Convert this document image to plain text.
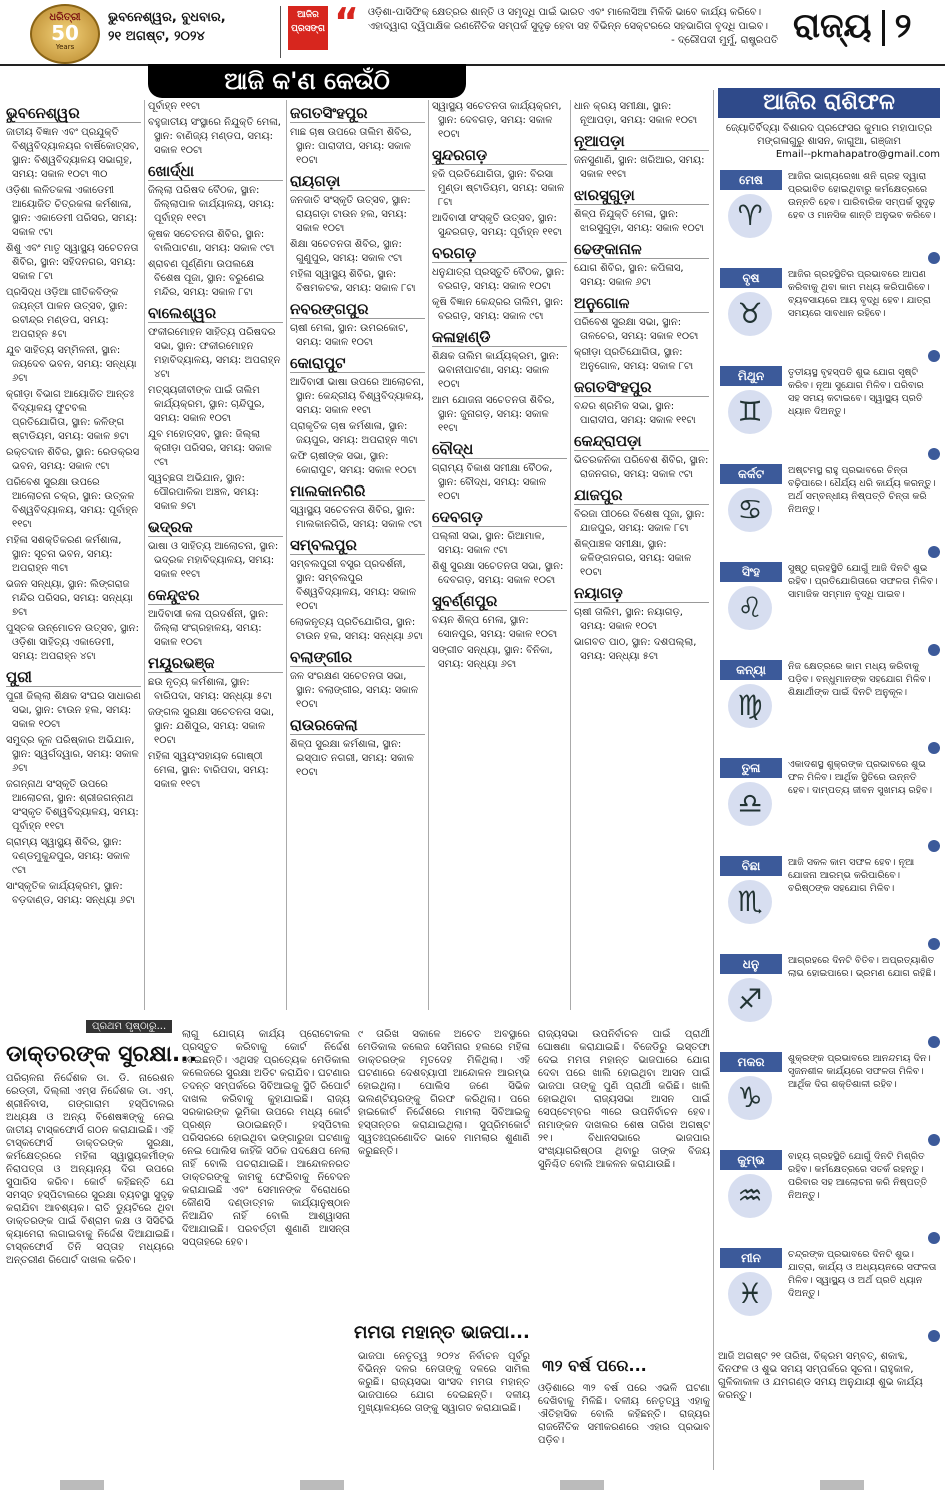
ଧରିତ୍ରୀ
50
Years
ଭୁବନେଶ୍ୱର, ବୁଧବାର,
୨୧ ଅଗଷ୍ଟ, ୨୦୨୪
ଆଜିର ପ୍ରସଙ୍ଗ “ ଓଡ଼ିଶା-ପାସିଫିକ୍ କ୍ଷେତ୍ରର ଶାନ୍ତି ଓ ସମୃଦ୍ଧି ପାଇଁ ଭାରତ ଏବଂ ମାଲେସିଆ ମିଳିକି ଭାବେ କାର୍ଯ୍ୟ କରିବେ। ଏହାଦ୍ୱାରା ଦ୍ୱିପାକ୍ଷିକ ରଣନୈତିକ ସମ୍ପର୍କ ସୁଦୃଢ଼ ହେବା ସହ ବିଭିନ୍ନ ସେକ୍ଟରରେ ସହଭାଗିତା ବୃଦ୍ଧି ପାଇବ।
- ଦ୍ରୌପଦୀ ମୁର୍ମୁ, ରାଷ୍ଟ୍ରପତି ରାଜ୍ୟ ୨
ଆଜି କ'ଣ କେଉଁଠି
ଭୁବନେଶ୍ୱର

ଜାତୀୟ ବିଜ୍ଞାନ ଏବଂ ପ୍ରଯୁକ୍ତି ବିଶ୍ୱବିଦ୍ୟାଳୟର ବାର୍ଷିକୋତ୍ସବ, ସ୍ଥାନ: ବିଶ୍ୱବିଦ୍ୟାଳୟ ସଭାଗୃହ, ସମୟ: ସକାଳ ୧୦ଟା ୩୦

ଓଡ଼ିଶା ଲଳିତକଳା ଏକାଡେମୀ ଆୟୋଜିତ ଚିତ୍ରକଳା କର୍ମଶାଳା, ସ୍ଥାନ: ଏକାଡେମୀ ପରିସର, ସମୟ: ସକାଳ ୯ଟା

ଶିଶୁ ଏବଂ ମାତୃ ସ୍ୱାସ୍ଥ୍ୟ ସଚେତନତା ଶିବିର, ସ୍ଥାନ: ସହିଦନଗର, ସମୟ: ସକାଳ ୮ଟା

ପ୍ରସିଦ୍ଧ ଓଡ଼ିଆ ଗୀତିକବିଙ୍କ ଜୟନ୍ତୀ ପାଳନ ଉତ୍ସବ, ସ୍ଥାନ: ରବୀନ୍ଦ୍ର ମଣ୍ଡପ, ସମୟ: ଅପରାହ୍ନ ୫ଟା

ଯୁବ ସାହିତ୍ୟ ସମ୍ମିଳନୀ, ସ୍ଥାନ: ଜୟଦେବ ଭବନ, ସମୟ: ସନ୍ଧ୍ୟା ୬ଟା

କ୍ରୀଡ଼ା ବିଭାଗ ଆୟୋଜିତ ଆନ୍ତଃ ବିଦ୍ୟାଳୟ ଫୁଟବଲ ପ୍ରତିଯୋଗିତା, ସ୍ଥାନ: କଳିଙ୍ଗ ଷ୍ଟାଡିୟମ, ସମୟ: ସକାଳ ୭ଟା

ରକ୍ତଦାନ ଶିବିର, ସ୍ଥାନ: ରେଡକ୍ରସ ଭବନ, ସମୟ: ସକାଳ ୯ଟା

ପରିବେଶ ସୁରକ୍ଷା ଉପରେ ଆଲୋଚନା ଚକ୍ର, ସ୍ଥାନ: ଉତ୍କଳ ବିଶ୍ୱବିଦ୍ୟାଳୟ, ସମୟ: ପୂର୍ବାହ୍ନ ୧୧ଟା

ମହିଳା ସଶକ୍ତିକରଣ କର୍ମଶାଳା, ସ୍ଥାନ: ସୂଚନା ଭବନ, ସମୟ: ଅପରାହ୍ନ ୩ଟା

ଭଜନ ସନ୍ଧ୍ୟା, ସ୍ଥାନ: ଲିଙ୍ଗରାଜ ମନ୍ଦିର ପରିସର, ସମୟ: ସନ୍ଧ୍ୟା ୭ଟା

ପୁସ୍ତକ ଉନ୍ମୋଚନ ଉତ୍ସବ, ସ୍ଥାନ: ଓଡ଼ିଶା ସାହିତ୍ୟ ଏକାଡେମୀ, ସମୟ: ଅପରାହ୍ନ ୪ଟା

ପୁରୀ

ପୁରୀ ଜିଲ୍ଲା ଶିକ୍ଷକ ସଂଘର ସାଧାରଣ ସଭା, ସ୍ଥାନ: ଟାଉନ ହଲ, ସମୟ: ସକାଳ ୧୦ଟା

ସମୁଦ୍ର କୂଳ ପରିଷ୍କାର ଅଭିଯାନ, ସ୍ଥାନ: ସ୍ୱର୍ଗଦ୍ୱାର, ସମୟ: ସକାଳ ୬ଟା

ଜଗନ୍ନାଥ ସଂସ୍କୃତି ଉପରେ ଆଲୋଚନା, ସ୍ଥାନ: ଶ୍ରୀଜଗନ୍ନାଥ ସଂସ୍କୃତ ବିଶ୍ୱବିଦ୍ୟାଳୟ, ସମୟ: ପୂର୍ବାହ୍ନ ୧୧ଟା

ଗ୍ରାମ୍ୟ ସ୍ୱାସ୍ଥ୍ୟ ଶିବିର, ସ୍ଥାନ: ଦଣ୍ଡମୁକୁନ୍ଦପୁର, ସମୟ: ସକାଳ ୯ଟା

ସାଂସ୍କୃତିକ କାର୍ଯ୍ୟକ୍ରମ, ସ୍ଥାନ: ବଡ଼ଦାଣ୍ଡ, ସମୟ: ସନ୍ଧ୍ୟା ୬ଟା

ପୂର୍ବାହ୍ନ ୧୧ଟା

ବହୁଜାତୀୟ ସଂସ୍ଥାରେ ନିଯୁକ୍ତି ମେଳା, ସ୍ଥାନ: ବାଣିଜ୍ୟ ମଣ୍ଡପ, ସମୟ: ସକାଳ ୧୦ଟା

ଖୋର୍ଦ୍ଧା

ଜିଲ୍ଲା ପରିଷଦ ବୈଠକ, ସ୍ଥାନ: ଜିଲ୍ଲାପାଳ କାର୍ଯ୍ୟାଳୟ, ସମୟ: ପୂର୍ବାହ୍ନ ୧୧ଟା

କୃଷକ ସଚେତନତା ଶିବିର, ସ୍ଥାନ: ବାଲିପାଟଣା, ସମୟ: ସକାଳ ୯ଟା

ଶ୍ରାବଣ ପୂର୍ଣ୍ଣିମା ଉପଲକ୍ଷେ ବିଶେଷ ପୂଜା, ସ୍ଥାନ: ବରୁଣେଇ ମନ୍ଦିର, ସମୟ: ସକାଳ ୮ଟା

ବାଲେଶ୍ୱର

ଫକୀରମୋହନ ସାହିତ୍ୟ ପରିଷଦର ସଭା, ସ୍ଥାନ: ଫକୀରମୋହନ ମହାବିଦ୍ୟାଳୟ, ସମୟ: ଅପରାହ୍ନ ୪ଟା

ମତ୍ସ୍ୟଜୀବୀଙ୍କ ପାଇଁ ତାଲିମ କାର୍ଯ୍ୟକ୍ରମ, ସ୍ଥାନ: ଚାନ୍ଦିପୁର, ସମୟ: ସକାଳ ୧୦ଟା

ଯୁବ ମହୋତ୍ସବ, ସ୍ଥାନ: ଜିଲ୍ଲା କ୍ରୀଡ଼ା ପରିସର, ସମୟ: ସକାଳ ୯ଟା

ସ୍ୱଚ୍ଛତା ଅଭିଯାନ, ସ୍ଥାନ: ପୌରପାଳିକା ଅଞ୍ଚଳ, ସମୟ: ସକାଳ ୭ଟା

ଭଦ୍ରକ

ଭାଷା ଓ ସାହିତ୍ୟ ଆଲୋଚନା, ସ୍ଥାନ: ଭଦ୍ରକ ମହାବିଦ୍ୟାଳୟ, ସମୟ: ସକାଳ ୧୧ଟା

କେନ୍ଦୁଝର

ଆଦିବାସୀ କଳା ପ୍ରଦର୍ଶନୀ, ସ୍ଥାନ: ଜିଲ୍ଲା ସଂଗ୍ରହାଳୟ, ସମୟ: ସକାଳ ୧୦ଟା

ମୟୂରଭଞ୍ଜ

ଛଉ ନୃତ୍ୟ କର୍ମଶାଳା, ସ୍ଥାନ: ବାରିପଦା, ସମୟ: ସନ୍ଧ୍ୟା ୫ଟା

ଜଙ୍ଗଲ ସୁରକ୍ଷା ସଚେତନତା ସଭା, ସ୍ଥାନ: ଯଶିପୁର, ସମୟ: ସକାଳ ୧୦ଟା

ମହିଳା ସ୍ୱୟଂସହାୟକ ଗୋଷ୍ଠୀ ମେଳା, ସ୍ଥାନ: ବାରିପଦା, ସମୟ: ସକାଳ ୧୧ଟା

ଜଗତସିଂହପୁର

ମାଛ ଚାଷ ଉପରେ ତାଲିମ ଶିବିର, ସ୍ଥାନ: ପାରାଦୀପ, ସମୟ: ସକାଳ ୧୦ଟା

ରାୟଗଡ଼ା

ଜନଜାତି ସଂସ୍କୃତି ଉତ୍ସବ, ସ୍ଥାନ: ରାୟଗଡ଼ା ଟାଉନ ହଲ, ସମୟ: ସକାଳ ୧୦ଟା

ଶିକ୍ଷା ସଚେତନତା ଶିବିର, ସ୍ଥାନ: ଗୁଣୁପୁର, ସମୟ: ସକାଳ ୯ଟା

ମହିଳା ସ୍ୱାସ୍ଥ୍ୟ ଶିବିର, ସ୍ଥାନ: ବିଷମକଟକ, ସମୟ: ସକାଳ ୮ଟା

ନବରଙ୍ଗପୁର

ଚାଷୀ ମେଳା, ସ୍ଥାନ: ଉମରକୋଟ, ସମୟ: ସକାଳ ୧୦ଟା

କୋରାପୁଟ

ଆଦିବାସୀ ଭାଷା ଉପରେ ଆଲୋଚନା, ସ୍ଥାନ: କେନ୍ଦ୍ରୀୟ ବିଶ୍ୱବିଦ୍ୟାଳୟ, ସମୟ: ସକାଳ ୧୧ଟା

ପ୍ରାକୃତିକ ଚାଷ କର୍ମଶାଳା, ସ୍ଥାନ: ଜୟପୁର, ସମୟ: ଅପରାହ୍ନ ୩ଟା

କଫି ଚାଷୀଙ୍କ ସଭା, ସ୍ଥାନ: କୋରାପୁଟ, ସମୟ: ସକାଳ ୧୦ଟା

ମାଲକାନଗିରି

ସ୍ୱାସ୍ଥ୍ୟ ସଚେତନତା ଶିବିର, ସ୍ଥାନ: ମାଲକାନଗିରି, ସମୟ: ସକାଳ ୯ଟା

ସମ୍ବଲପୁର

ସମ୍ବଲପୁରୀ ବସ୍ତ୍ର ପ୍ରଦର୍ଶନୀ, ସ୍ଥାନ: ସମ୍ବଲପୁର ବିଶ୍ୱବିଦ୍ୟାଳୟ, ସମୟ: ସକାଳ ୧୦ଟା

ଲୋକନୃତ୍ୟ ପ୍ରତିଯୋଗିତା, ସ୍ଥାନ: ଟାଉନ ହଲ, ସମୟ: ସନ୍ଧ୍ୟା ୬ଟା

ବଲାଙ୍ଗୀର

ଜଳ ସଂରକ୍ଷଣ ସଚେତନତା ସଭା, ସ୍ଥାନ: ବଲାଙ୍ଗୀର, ସମୟ: ସକାଳ ୧୦ଟା

ରାଉରକେଲା

ଶିଳ୍ପ ସୁରକ୍ଷା କର୍ମଶାଳା, ସ୍ଥାନ: ଇସ୍ପାତ ନଗରୀ, ସମୟ: ସକାଳ ୧୦ଟା

ସ୍ୱାସ୍ଥ୍ୟ ସଚେତନତା କାର୍ଯ୍ୟକ୍ରମ, ସ୍ଥାନ: ଦେବଗଡ଼, ସମୟ: ସକାଳ ୧୦ଟା

ସୁନ୍ଦରଗଡ଼

ହକି ପ୍ରତିଯୋଗିତା, ସ୍ଥାନ: ବିରସା ମୁଣ୍ଡା ଷ୍ଟାଡିୟମ, ସମୟ: ସକାଳ ୮ଟା

ଆଦିବାସୀ ସଂସ୍କୃତି ଉତ୍ସବ, ସ୍ଥାନ: ସୁନ୍ଦରଗଡ଼, ସମୟ: ପୂର୍ବାହ୍ନ ୧୧ଟା

ବରଗଡ଼

ଧନୁଯାତ୍ରା ପ୍ରସ୍ତୁତି ବୈଠକ, ସ୍ଥାନ: ବରଗଡ଼, ସମୟ: ସକାଳ ୧୦ଟା

କୃଷି ବିଜ୍ଞାନ କେନ୍ଦ୍ରର ତାଲିମ, ସ୍ଥାନ: ବରଗଡ଼, ସମୟ: ସକାଳ ୯ଟା

କଳାହାଣ୍ଡି

ଶିକ୍ଷକ ତାଲିମ କାର୍ଯ୍ୟକ୍ରମ, ସ୍ଥାନ: ଭବାନୀପାଟଣା, ସମୟ: ସକାଳ ୧୦ଟା

ଆମ ଯୋଜନା ସଚେତନତା ଶିବିର, ସ୍ଥାନ: ଜୁନାଗଡ଼, ସମୟ: ସକାଳ ୧୧ଟା

ବୌଦ୍ଧ

ଗ୍ରାମ୍ୟ ବିକାଶ ସମୀକ୍ଷା ବୈଠକ, ସ୍ଥାନ: ବୌଦ୍ଧ, ସମୟ: ସକାଳ ୧୦ଟା

ଦେବଗଡ଼

ପଲ୍ଲୀ ସଭା, ସ୍ଥାନ: ରିଆମାଳ, ସମୟ: ସକାଳ ୯ଟା

ଶିଶୁ ସୁରକ୍ଷା ସଚେତନତା ସଭା, ସ୍ଥାନ: ଦେବଗଡ଼, ସମୟ: ସକାଳ ୧୦ଟା

ସୁବର୍ଣ୍ଣପୁର

ବୟନ ଶିଳ୍ପ ମେଳା, ସ୍ଥାନ: ସୋନପୁର, ସମୟ: ସକାଳ ୧୦ଟା

ସଙ୍ଗୀତ ସନ୍ଧ୍ୟା, ସ୍ଥାନ: ବିନିକା, ସମୟ: ସନ୍ଧ୍ୟା ୬ଟା

ଧାନ କ୍ରୟ ସମୀକ୍ଷା, ସ୍ଥାନ: ନୂଆପଡ଼ା, ସମୟ: ସକାଳ ୧୦ଟା

ନୂଆପଡ଼ା

ଜନସୁଣାଣି, ସ୍ଥାନ: ଖରିଆର, ସମୟ: ସକାଳ ୧୧ଟା

ଝାରସୁଗୁଡ଼ା

ଶିଳ୍ପ ନିଯୁକ୍ତି ମେଳା, ସ୍ଥାନ: ଝାରସୁଗୁଡ଼ା, ସମୟ: ସକାଳ ୧୦ଟା

ଢେଙ୍କାନାଳ

ଯୋଗ ଶିବିର, ସ୍ଥାନ: କପିଳାସ, ସମୟ: ସକାଳ ୬ଟା

ଅନୁଗୋଳ

ପରିବେଶ ସୁରକ୍ଷା ସଭା, ସ୍ଥାନ: ତାଳଚେର, ସମୟ: ସକାଳ ୧୦ଟା

କ୍ରୀଡ଼ା ପ୍ରତିଯୋଗିତା, ସ୍ଥାନ: ଅନୁଗୋଳ, ସମୟ: ସକାଳ ୮ଟା

ଜଗତସିଂହପୁର

ବନ୍ଦର ଶ୍ରମିକ ସଭା, ସ୍ଥାନ: ପାରାଦୀପ, ସମୟ: ସକାଳ ୧୧ଟା

କେନ୍ଦ୍ରାପଡ଼ା

ଭିତରକନିକା ପରିବେଶ ଶିବିର, ସ୍ଥାନ: ରାଜନଗର, ସମୟ: ସକାଳ ୯ଟା

ଯାଜପୁର

ବିରଜା ପୀଠରେ ବିଶେଷ ପୂଜା, ସ୍ଥାନ: ଯାଜପୁର, ସମୟ: ସକାଳ ୮ଟା

ଶିଳ୍ପାଞ୍ଚଳ ସମୀକ୍ଷା, ସ୍ଥାନ: କଳିଙ୍ଗନଗର, ସମୟ: ସକାଳ ୧୦ଟା

ନୟାଗଡ଼

ଚାଷୀ ତାଲିମ, ସ୍ଥାନ: ନୟାଗଡ଼, ସମୟ: ସକାଳ ୧୦ଟା

ଭାଗବତ ପାଠ, ସ୍ଥାନ: ଦଶପଲ୍ଲା, ସମୟ: ସନ୍ଧ୍ୟା ୫ଟା

ଆଜିର ରାଶିଫଳ
ଜ୍ୟୋତିର୍ବିଦ୍ୟା ବିଶାରଦ ପ୍ରଫେସର କୁମାର ମହାପାତ୍ର
ମଙ୍ଗଳାଗୁରୁ ଶାସନ, କାଗୁଆ, ଗଞ୍ଜାମ
Email--pkmahapatro@gmail.com
ମେଷ
♈
ଆଜିର ଭାଗ୍ୟରେଖା ଶନି ଗ୍ରହ ଦ୍ୱାରା ପ୍ରଭାବିତ ହୋଇଥିବାରୁ କର୍ମକ୍ଷେତ୍ରରେ ଉନ୍ନତି ହେବ। ପାରିବାରିକ ସମ୍ପର୍କ ସୁଦୃଢ଼ ହେବ ଓ ମାନସିକ ଶାନ୍ତି ଅନୁଭବ କରିବେ।
ବୃଷ
♉
ଆଜିର ଗ୍ରହସ୍ଥିତିର ପ୍ରଭାବରେ ଆପଣ କରିବାକୁ ଥିବା କାମ ମଧ୍ୟ କରିପାରିବେ। ବ୍ୟବସାୟରେ ଆୟ ବୃଦ୍ଧି ହେବ। ଯାତ୍ରା ସମୟରେ ସାବଧାନ ରହିବେ।
ମିଥୁନ
♊
ତୃତୀୟସ୍ଥ ବୃହସ୍ପତି ଶୁଭ ଯୋଗ ସୃଷ୍ଟି କରିବ। ନୂଆ ସୁଯୋଗ ମିଳିବ। ପରିବାର ସହ ସମୟ କଟାଇବେ। ସ୍ୱାସ୍ଥ୍ୟ ପ୍ରତି ଧ୍ୟାନ ଦିଅନ୍ତୁ।
କର୍କଟ
♋
ଅଷ୍ଟମସ୍ଥ ରାହୁ ପ୍ରଭାବରେ ଚିନ୍ତା ବଢ଼ିପାରେ। ଧୈର୍ଯ୍ୟ ଧରି କାର୍ଯ୍ୟ କରନ୍ତୁ। ଅର୍ଥ ସମ୍ବନ୍ଧୀୟ ନିଷ୍ପତ୍ତି ଚିନ୍ତା କରି ନିଅନ୍ତୁ।
ସିଂହ
♌
ସୁଷ୍ଠୁ ଗ୍ରହସ୍ଥିତି ଯୋଗୁଁ ଆଜି ଦିନଟି ଶୁଭ ରହିବ। ପ୍ରତିଯୋଗିତାରେ ସଫଳତା ମିଳିବ। ସାମାଜିକ ସମ୍ମାନ ବୃଦ୍ଧି ପାଇବ।
କନ୍ୟା
♍
ନିଜ କ୍ଷେତ୍ରରେ କାମ ମଧ୍ୟ କରିବାକୁ ପଡ଼ିବ। ବନ୍ଧୁମାନଙ୍କ ସହଯୋଗ ମିଳିବ। ଶିକ୍ଷାର୍ଥୀଙ୍କ ପାଇଁ ଦିନଟି ଅନୁକୂଳ।
ତୁଳା
♎
ଏକାଦଶସ୍ଥ ଶୁକ୍ରଙ୍କ ପ୍ରଭାବରେ ଶୁଭ ଫଳ ମିଳିବ। ଆର୍ଥିକ ସ୍ଥିତିରେ ଉନ୍ନତି ହେବ। ଦାମ୍ପତ୍ୟ ଜୀବନ ସୁଖମୟ ରହିବ।
ବିଛା
♏
ଆଜି ସକଳ କାମ ସଫଳ ହେବ। ନୂଆ ଯୋଜନା ଆରମ୍ଭ କରିପାରିବେ। ବରିଷ୍ଠଙ୍କ ସହଯୋଗ ମିଳିବ।
ଧନୁ
♐
ଆଗ୍ରହରେ ଦିନଟି ବିତିବ। ଅପ୍ରତ୍ୟାଶିତ ଲାଭ ହୋଇପାରେ। ଭ୍ରମଣ ଯୋଗ ରହିଛି।
ମକର
♑
ଶୁକ୍ରଙ୍କ ପ୍ରଭାବରେ ଆନନ୍ଦମୟ ଦିନ। ସୃଜନଶୀଳ କାର୍ଯ୍ୟରେ ସଫଳତା ମିଳିବ। ଆର୍ଥିକ ଦିଗ ଶକ୍ତିଶାଳୀ ରହିବ।
କୁମ୍ଭ
♒
ବାହ୍ୟ ଗ୍ରହସ୍ଥିତି ଯୋଗୁଁ ଦିନଟି ମିଶ୍ରିତ ରହିବ। କର୍ମକ୍ଷେତ୍ରରେ ସତର୍କ ରହନ୍ତୁ। ପରିବାର ସହ ଆଲୋଚନା କରି ନିଷ୍ପତ୍ତି ନିଅନ୍ତୁ।
ମୀନ
♓
ଚନ୍ଦ୍ରଙ୍କ ପ୍ରଭାବରେ ଦିନଟି ଶୁଭ। ଯାତ୍ରା, କାର୍ଯ୍ୟ ଓ ଅଧ୍ୟୟନରେ ସଫଳତା ମିଳିବ। ସ୍ୱାସ୍ଥ୍ୟ ଓ ଅର୍ଥ ପ୍ରତି ଧ୍ୟାନ ଦିଅନ୍ତୁ।
ଆଜି ଅଗଷ୍ଟ ୨୧ ତାରିଖ, ବିକ୍ରମ ସମ୍ବତ୍, ଶକାବ୍ଦ, ଦିନଫଳ ଓ ଶୁଭ ସମୟ ସମ୍ପର୍କରେ ସୂଚନା। ରାହୁକାଳ, ଗୁଳିକାକାଳ ଓ ଯମଗଣ୍ଡ ସମୟ ଅନୁଯାୟୀ ଶୁଭ କାର୍ଯ୍ୟ କରନ୍ତୁ।
ପ୍ରଥମ ପୃଷ୍ଠାରୁ...
ଡାକ୍ତରଙ୍କ ସୁରକ୍ଷା...
ପରିଚାଳନା ନିର୍ଦ୍ଦେଶକ ଡା. ଡି. ନାରେଶନ ରେଡ୍ଡୀ, ଦିଲ୍ଲୀ ଏମ୍ସ ନିର୍ଦ୍ଦେଶକ ଡା. ଏମ୍. ଶ୍ରୀନିବାସ, ଗଙ୍ଗାରାମ ହସ୍ପିଟାଲର ଅଧ୍ୟକ୍ଷ ଓ ଅନ୍ୟ ବିଶେଷଜ୍ଞଙ୍କୁ ନେଇ ଜାତୀୟ ଟାସ୍କଫୋର୍ସ ଗଠନ କରାଯାଇଛି। ଏହି ଟାସ୍କଫୋର୍ସ ଡାକ୍ତରଙ୍କ ସୁରକ୍ଷା, କର୍ମକ୍ଷେତ୍ରରେ ମହିଳା ସ୍ୱାସ୍ଥ୍ୟକର୍ମୀଙ୍କ ନିରାପତ୍ତା ଓ ଅନ୍ୟାନ୍ୟ ଦିଗ ଉପରେ ସୁପାରିସ କରିବ। କୋର୍ଟ କହିଛନ୍ତି ଯେ ସମସ୍ତ ହସ୍ପିଟାଲରେ ସୁରକ୍ଷା ବ୍ୟବସ୍ଥା ସୁଦୃଢ଼ କରାଯିବା ଆବଶ୍ୟକ। ରାତି ଡ୍ୟୁଟିରେ ଥିବା ଡାକ୍ତରଙ୍କ ପାଇଁ ବିଶ୍ରାମ କକ୍ଷ ଓ ସିସିଟିଭି କ୍ୟାମେରା ଲଗାଇବାକୁ ନିର୍ଦ୍ଦେଶ ଦିଆଯାଇଛି। ଟାସ୍କଫୋର୍ସ ତିନି ସପ୍ତାହ ମଧ୍ୟରେ ଅନ୍ତରୀଣ ରିପୋର୍ଟ ଦାଖଲ କରିବ।
ଲାଗୁ ଯୋଗ୍ୟ କାର୍ଯ୍ୟ ପ୍ରୋଟୋକଲ ପ୍ରସ୍ତୁତ କରିବାକୁ କୋର୍ଟ ନିର୍ଦ୍ଦେଶ ଦେଇଛନ୍ତି। ଏଥିସହ ପ୍ରତ୍ୟେକ ମେଡିକାଲ କଲେଜରେ ସୁରକ୍ଷା ଅଡିଟ କରାଯିବ। ଘଟଣାର ତଦନ୍ତ ସମ୍ପର୍କରେ ସିବିଆଇକୁ ସ୍ଥିତି ରିପୋର୍ଟ ଦାଖଲ କରିବାକୁ କୁହାଯାଇଛି। ରାଜ୍ୟ ସରକାରଙ୍କ ଭୂମିକା ଉପରେ ମଧ୍ୟ କୋର୍ଟ ପ୍ରଶ୍ନ ଉଠାଇଛନ୍ତି। ହସ୍ପିଟାଲ ପରିସରରେ ହୋଇଥିବା ଭଙ୍ଗାରୁଜା ଘଟଣାକୁ ନେଇ ପୋଲିସ କାହିଁକି ସଠିକ ପଦକ୍ଷେପ ନେଲା ନାହିଁ ବୋଲି ପଚରାଯାଇଛି। ଆନ୍ଦୋଳନରତ ଡାକ୍ତରଙ୍କୁ କାମକୁ ଫେରିବାକୁ ନିବେଦନ କରାଯାଇଛି ଏବଂ ସେମାନଙ୍କ ବିରୋଧରେ କୌଣସି ଦଣ୍ଡାତ୍ମକ କାର୍ଯ୍ୟାନୁଷ୍ଠାନ ନିଆଯିବ ନାହିଁ ବୋଲି ଆଶ୍ୱାସନା ଦିଆଯାଇଛି। ପରବର୍ତ୍ତୀ ଶୁଣାଣି ଆସନ୍ତା ସପ୍ତାହରେ ହେବ।
୯ ତାରିଖ ସକାଳେ ଅଚେତ ଅବସ୍ଥାରେ ମେଡିକାଲ କଲେଜ ସେମିନାର ହଲରେ ମହିଳା ଡାକ୍ତରଙ୍କ ମୃତଦେହ ମିଳିଥିଲା। ଏହି ଘଟଣାରେ ଦେଶବ୍ୟାପୀ ଆନ୍ଦୋଳନ ଆରମ୍ଭ ହୋଇଥିଲା। ପୋଲିସ ଜଣେ ସିଭିକ ଭଲଣ୍ଟିୟରଙ୍କୁ ଗିରଫ କରିଥିଲା। ପରେ ହାଇକୋର୍ଟ ନିର୍ଦ୍ଦେଶରେ ମାମଲା ସିବିଆଇକୁ ହସ୍ତାନ୍ତର କରାଯାଇଥିଲା। ସୁପ୍ରିମକୋର୍ଟ ସ୍ୱତଃପ୍ରଣୋଦିତ ଭାବେ ମାମଲାର ଶୁଣାଣି କରୁଛନ୍ତି।
ମମତା ମହାନ୍ତ ଭାଜପା...
ଭାଜପା ନେତୃତ୍ୱ ୨୦୨୪ ନିର୍ବାଚନ ପୂର୍ବରୁ ବିଭିନ୍ନ ଦଳର ନେତାଙ୍କୁ ଦଳରେ ସାମିଲ କରୁଛି। ରାଜ୍ୟସଭା ସାଂସଦ ମମତା ମହାନ୍ତ ଭାଜପାରେ ଯୋଗ ଦେଇଛନ୍ତି। ଦଳୀୟ ମୁଖ୍ୟାଳୟରେ ତାଙ୍କୁ ସ୍ୱାଗତ କରାଯାଇଛି।
ରାଜ୍ୟସଭା ଉପନିର୍ବାଚନ ପାଇଁ ପ୍ରାର୍ଥୀ ଘୋଷଣା କରାଯାଇଛି। ବିଜେଡିରୁ ଇସ୍ତଫା ଦେଇ ମମତା ମହାନ୍ତ ଭାଜପାରେ ଯୋଗ ଦେବା ପରେ ଖାଲି ହୋଇଥିବା ଆସନ ପାଇଁ ଭାଜପା ତାଙ୍କୁ ପୁଣି ପ୍ରାର୍ଥୀ କରିଛି। ଖାଲି ହୋଇଥିବା ରାଜ୍ୟସଭା ଆସନ ପାଇଁ ସେପ୍ଟେମ୍ବର ୩ରେ ଉପନିର୍ବାଚନ ହେବ। ନାମାଙ୍କନ ଦାଖଲର ଶେଷ ତାରିଖ ଅଗଷ୍ଟ ୨୧। ବିଧାନସଭାରେ ଭାଜପାର ସଂଖ୍ୟାଗରିଷ୍ଠତା ଥିବାରୁ ତାଙ୍କ ବିଜୟ ସୁନିଶ୍ଚିତ ବୋଲି ଆକଳନ କରାଯାଉଛି।
୩୨ ବର୍ଷ ପରେ...
ଓଡ଼ିଶାରେ ୩୨ ବର୍ଷ ପରେ ଏଭଳି ଘଟଣା ଦେଖିବାକୁ ମିଳିଛି। ଦଳୀୟ ନେତୃତ୍ୱ ଏହାକୁ ଐତିହାସିକ ବୋଲି କହିଛନ୍ତି। ରାଜ୍ୟର ରାଜନୈତିକ ସମୀକରଣରେ ଏହାର ପ୍ରଭାବ ପଡ଼ିବ।
